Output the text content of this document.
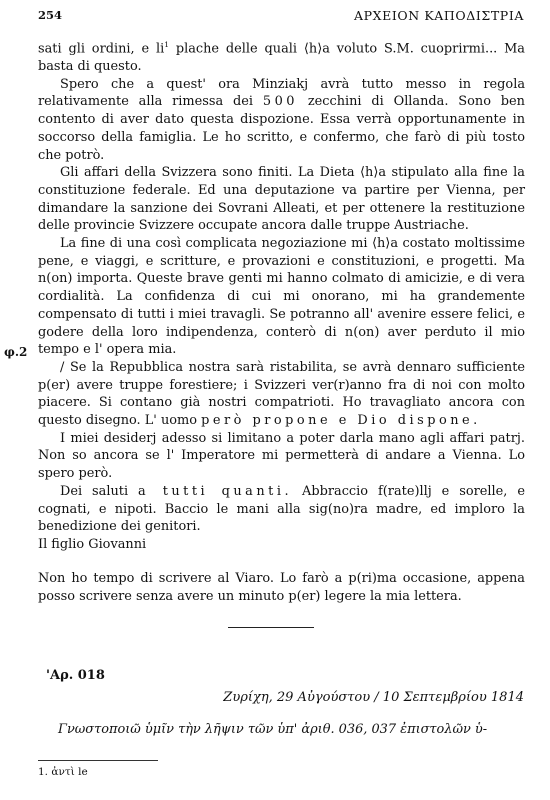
254	ΑΡΧΕΙΟΝ ΚΑΠΟΔΙΣΤΡΙΑ
φ.2

sati gli ordini, e $li^1$ plache delle quali ⟨h⟩a voluto S.M. cuoprirmi... Ma basta di questo.

Spero che a quest' ora Minziakj avrà tutto messo in regola relativamente alla rimessa dei 500 zecchini di Ollanda. Sono ben contento di aver dato questa dispozione. Essa verrà opportunamente in soccorso della famiglia. Le ho scritto, e confermo, che farò di più tosto che potrò.

Gli affari della Svizzera sono finiti. La Dieta ⟨h⟩a stipulato alla fine la constituzione federale. Ed una deputazione va partire per Vienna, per dimandare la sanzione dei Sovrani Alleati, et per ottenere la restituzione delle provincie Svizzere occupate ancora dalle truppe Austriache.

La fine di una così complicata negoziazione mi ⟨h⟩a costato moltissime pene, e viaggi, e scritture, e provazioni e constituzioni, e progetti. Ma n(on) importa. Queste brave genti mi hanno colmato di amicizie, e di vera cordialità. La confidenza di cui mi onorano, mi ha grandemente compensato di tutti i miei travagli. Se potranno all' avenire essere felici, e godere della loro indipendenza, conterò di n(on) aver perduto il mio tempo e l' opera mia.

/ Se la Repubblica nostra sarà ristabilita, se avrà dennaro sufficiente p(er) avere truppe forestiere; i Svizzeri ver(r)anno fra di noi con molto piacere. Si contano già nostri compatrioti. Ho travagliato ancora con questo disegno. L' uomo però propone e Dio dispone.

I miei desiderj adesso si limitano a poter darla mano agli affari patrj. Non so ancora se l' Imperatore mi permetterà di andare a Vienna. Lo spero però.

Dei saluti a tutti quanti. Abbraccio f(rate)llj e sorelle, e cognati, e nipoti. Baccio le mani alla sig(no)ra madre, ed imploro la benedizione dei genitori.

Il figlio Giovanni

Non ho tempo di scrivere al Viaro. Lo farò a p(ri)ma occasione, appena posso scrivere senza avere un minuto p(er) legere la mia lettera.
'Αρ. 018
Ζυρίχη, 29 Αὐγούστου / 10 Σεπτεμβρίου 1814
Γνωστοποιῶ ὑμῖν τὴν λῆψιν τῶν ὑπ' ἀριθ. 036, 037 ἐπιστολῶν ὑ-
1. ἀντὶ le
